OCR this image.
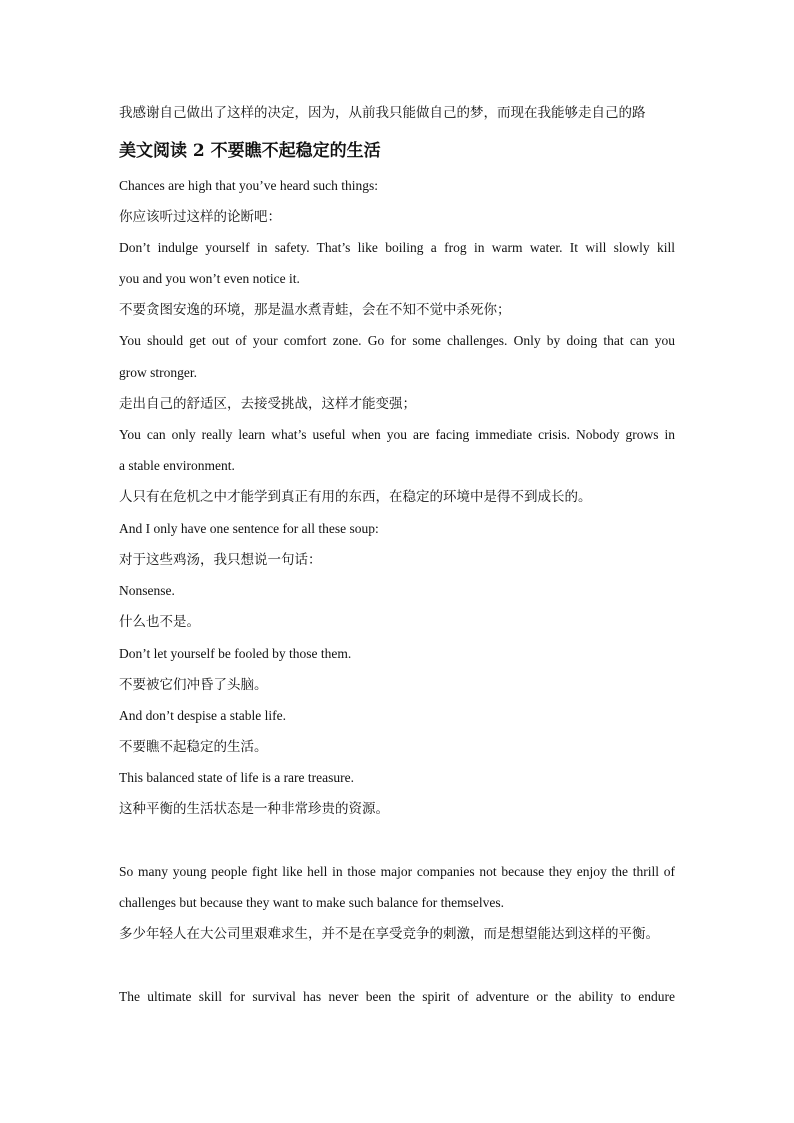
我感谢自己做出了这样的决定，因为，从前我只能做自己的梦，而现在我能够走自己的路
美文阅读 2 不要瞧不起稳定的生活
Chances are high that you’ve heard such things:
你应该听过这样的论断吧：
Don’t indulge yourself in safety. That’s like boiling a frog in warm water. It will slowly kill
you and you won’t even notice it.
不要贪图安逸的环境，那是温水煮青蛙，会在不知不觉中杀死你；
You should get out of your comfort zone. Go for some challenges. Only by doing that can you
grow stronger.
走出自己的舒适区，去接受挑战，这样才能变强；
You can only really learn what’s useful when you are facing immediate crisis. Nobody grows in
a stable environment.
人只有在危机之中才能学到真正有用的东西，在稳定的环境中是得不到成长的。
And I only have one sentence for all these soup:
对于这些鸡汤，我只想说一句话：
Nonsense.
什么也不是。
Don’t let yourself be fooled by those them.
不要被它们冲昏了头脑。
And don’t despise a stable life.
不要瞧不起稳定的生活。
This balanced state of life is a rare treasure.
这种平衡的生活状态是一种非常珍贵的资源。
So many young people fight like hell in those major companies not because they enjoy the thrill of
challenges but because they want to make such balance for themselves.
多少年轻人在大公司里艰难求生，并不是在享受竞争的刺激，而是想望能达到这样的平衡。
The ultimate skill for survival has never been the spirit of adventure or the ability to endure
